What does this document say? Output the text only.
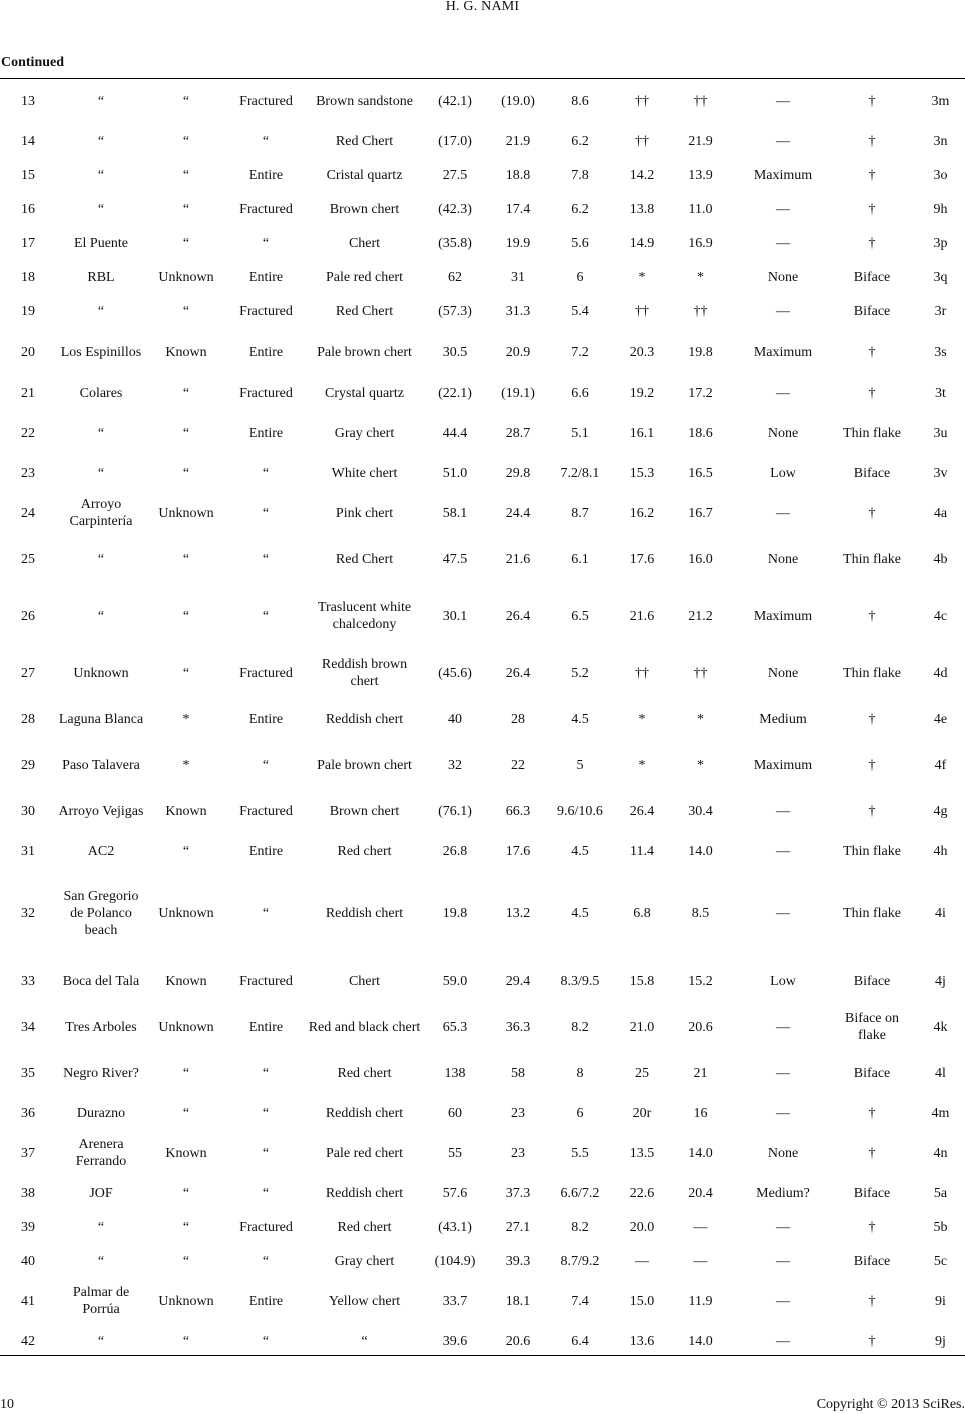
H. G. NAMI
Continued
13	“	“	Fractured	Brown sandstone	(42.1)	(19.0)	8.6	††	††	—	†	3m
14	“	“	“	Red Chert	(17.0)	21.9	6.2	††	21.9	—	†	3n
15	“	“	Entire	Cristal quartz	27.5	18.8	7.8	14.2	13.9	Maximum	†	3o
16	“	“	Fractured	Brown chert	(42.3)	17.4	6.2	13.8	11.0	—	†	9h
17	El Puente	“	“	Chert	(35.8)	19.9	5.6	14.9	16.9	—	†	3p
18	RBL	Unknown	Entire	Pale red chert	62	31	6	*	*	None	Biface	3q
19	“	“	Fractured	Red Chert	(57.3)	31.3	5.4	††	††	—	Biface	3r
20	Los Espinillos	Known	Entire	Pale brown chert	30.5	20.9	7.2	20.3	19.8	Maximum	†	3s
21	Colares	“	Fractured	Crystal quartz	(22.1)	(19.1)	6.6	19.2	17.2	—	†	3t
22	“	“	Entire	Gray chert	44.4	28.7	5.1	16.1	18.6	None	Thin flake	3u
23	“	“	“	White chert	51.0	29.8	7.2/8.1	15.3	16.5	Low	Biface	3v
24	Arroyo Carpintería	Unknown	“	Pink chert	58.1	24.4	8.7	16.2	16.7	—	†	4a
25	“	“	“	Red Chert	47.5	21.6	6.1	17.6	16.0	None	Thin flake	4b
26	“	“	“	Traslucent white chalcedony	30.1	26.4	6.5	21.6	21.2	Maximum	†	4c
27	Unknown	“	Fractured	Reddish brown chert	(45.6)	26.4	5.2	††	††	None	Thin flake	4d
28	Laguna Blanca	*	Entire	Reddish chert	40	28	4.5	*	*	Medium	†	4e
29	Paso Talavera	*	“	Pale brown chert	32	22	5	*	*	Maximum	†	4f
30	Arroyo Vejigas	Known	Fractured	Brown chert	(76.1)	66.3	9.6/10.6	26.4	30.4	—	†	4g
31	AC2	“	Entire	Red chert	26.8	17.6	4.5	11.4	14.0	—	Thin flake	4h
32	San Gregorio de Polanco beach	Unknown	“	Reddish chert	19.8	13.2	4.5	6.8	8.5	—	Thin flake	4i
33	Boca del Tala	Known	Fractured	Chert	59.0	29.4	8.3/9.5	15.8	15.2	Low	Biface	4j
34	Tres Arboles	Unknown	Entire	Red and black chert	65.3	36.3	8.2	21.0	20.6	—	Biface on flake	4k
35	Negro River?	“	“	Red chert	138	58	8	25	21	—	Biface	4l
36	Durazno	“	“	Reddish chert	60	23	6	20r	16	—	†	4m
37	Arenera Ferrando	Known	“	Pale red chert	55	23	5.5	13.5	14.0	None	†	4n
38	JOF	“	“	Reddish chert	57.6	37.3	6.6/7.2	22.6	20.4	Medium?	Biface	5a
39	“	“	Fractured	Red chert	(43.1)	27.1	8.2	20.0	—	—	†	5b
40	“	“	“	Gray chert	(104.9)	39.3	8.7/9.2	—	—	—	Biface	5c
41	Palmar de Porrúa	Unknown	Entire	Yellow chert	33.7	18.1	7.4	15.0	11.9	—	†	9i
42	“	“	“	“	39.6	20.6	6.4	13.6	14.0	—	†	9j
10	Copyright © 2013 SciRes.
